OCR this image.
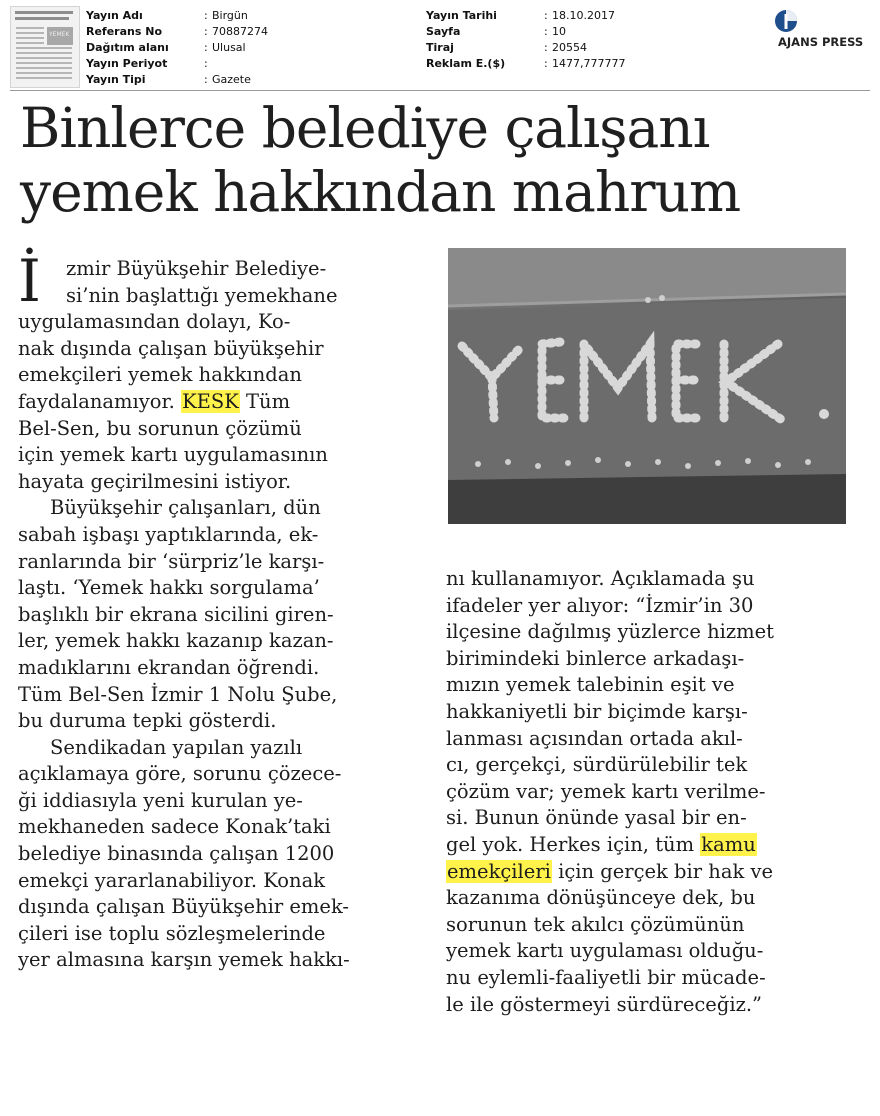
YEMEK
Yayın Adı	: Birgün
Referans No	: 70887274
Dağıtım alanı	: Ulusal
Yayın Periyot	:
Yayın Tipi	: Gazete
Yayın Tarihi	: 18.10.2017
Sayfa	: 10
Tiraj	: 20554
Reklam E.($)	: 1477,777777
AJANS PRESS
Binlerce belediye çalışanı
yemek hakkından mahrum
İ zmir Büyükşehir Belediye-
si’nin başlattığı yemekhane
uygulamasından dolayı, Ko-
nak dışında çalışan büyükşehir
emekçileri yemek hakkından
faydalanamıyor. KESK Tüm
Bel-Sen, bu sorunun çözümü
için yemek kartı uygulamasının
hayata geçirilmesini istiyor.
Büyükşehir çalışanları, dün
sabah işbaşı yaptıklarında, ek-
ranlarında bir ‘sürpriz’le karşı-
laştı. ‘Yemek hakkı sorgulama’
başlıklı bir ekrana sicilini giren-
ler, yemek hakkı kazanıp kazan-
madıklarını ekrandan öğrendi.
Tüm Bel-Sen İzmir 1 Nolu Şube,
bu duruma tepki gösterdi.
Sendikadan yapılan yazılı
açıklamaya göre, sorunu çözece-
ği iddiasıyla yeni kurulan ye-
mekhaneden sadece Konak’taki
belediye binasında çalışan 1200
emekçi yararlanabiliyor. Konak
dışında çalışan Büyükşehir emek-
çileri ise toplu sözleşmelerinde
yer almasına karşın yemek hakkı-
nı kullanamıyor. Açıklamada şu
ifadeler yer alıyor: “İzmir’in 30
ilçesine dağılmış yüzlerce hizmet
birimindeki binlerce arkadaşı-
mızın yemek talebinin eşit ve
hakkaniyetli bir biçimde karşı-
lanması açısından ortada akıl-
cı, gerçekçi, sürdürülebilir tek
çözüm var; yemek kartı verilme-
si. Bunun önünde yasal bir en-
gel yok. Herkes için, tüm kamu
emekçileri için gerçek bir hak ve
kazanıma dönüşünceye dek, bu
sorunun tek akılcı çözümünün
yemek kartı uygulaması olduğu-
nu eylemli-faaliyetli bir mücade-
le ile göstermeyi sürdüreceğiz.”
